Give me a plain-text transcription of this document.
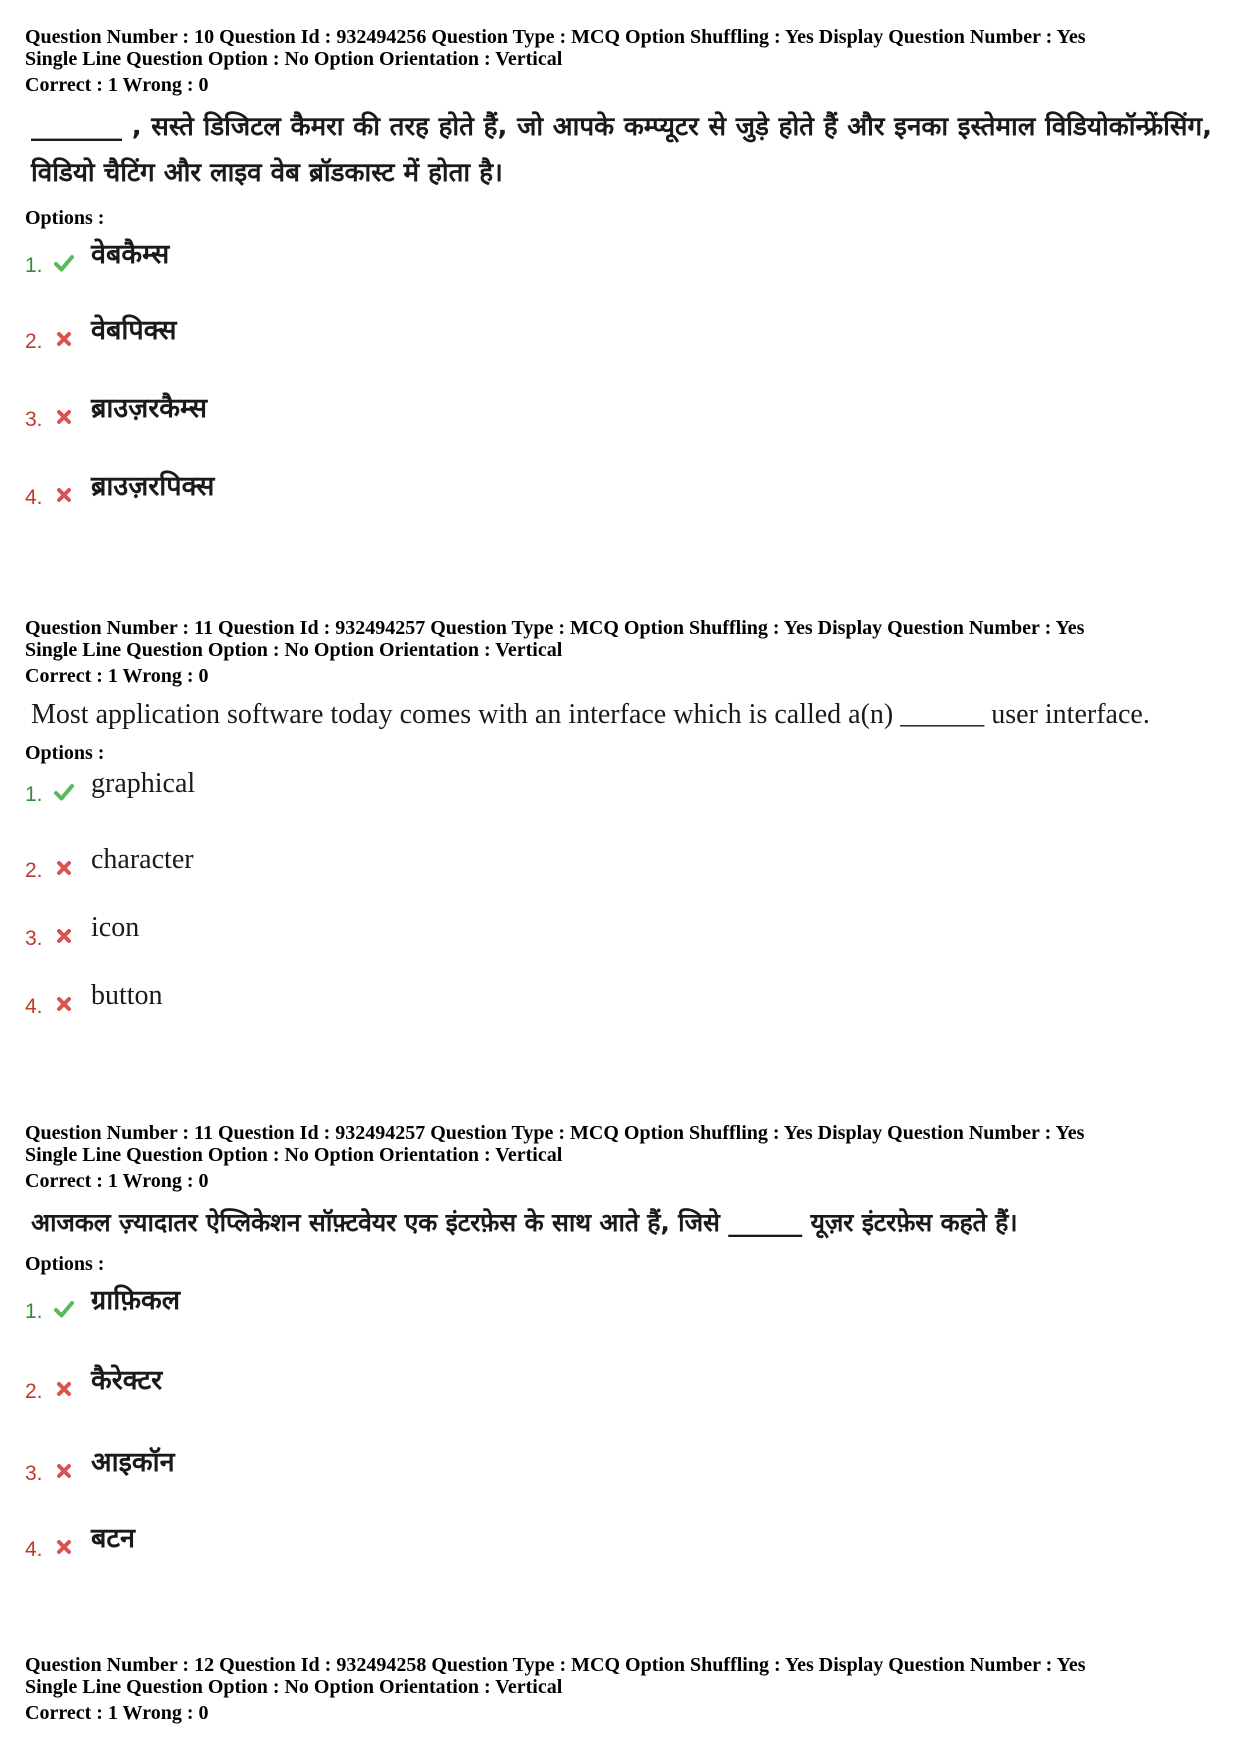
Question Number : 10 Question Id : 932494256 Question Type : MCQ Option Shuffling : Yes Display Question Number : Yes
Single Line Question Option : No Option Orientation : Vertical
Correct : 1 Wrong : 0
_______ , सस्ते डिजिटल कैमरा की तरह होते हैं, जो आपके कम्प्यूटर से जुड़े होते हैं और इनका इस्तेमाल विडियोकॉन्फ्रेंसिंग, विडियो चैटिंग और लाइव वेब ब्रॉडकास्ट में होता है।
Options :
1. वेबकैम्स
2. वेबपिक्स
3. ब्राउज़रकैम्स
4. ब्राउज़रपिक्स
Question Number : 11 Question Id : 932494257 Question Type : MCQ Option Shuffling : Yes Display Question Number : Yes
Single Line Question Option : No Option Orientation : Vertical
Correct : 1 Wrong : 0
Most application software today comes with an interface which is called a(n) ______ user interface.
Options :
1. graphical
2. character
3. icon
4. button
Question Number : 11 Question Id : 932494257 Question Type : MCQ Option Shuffling : Yes Display Question Number : Yes
Single Line Question Option : No Option Orientation : Vertical
Correct : 1 Wrong : 0
आजकल ज़्यादातर ऐप्लिकेशन सॉफ़्टवेयर एक इंटरफ़ेस के साथ आते हैं, जिसे ______ यूज़र इंटरफ़ेस कहते हैं।
Options :
1. ग्राफ़िकल
2. कैरेक्टर
3. आइकॉन
4. बटन
Question Number : 12 Question Id : 932494258 Question Type : MCQ Option Shuffling : Yes Display Question Number : Yes
Single Line Question Option : No Option Orientation : Vertical
Correct : 1 Wrong : 0
